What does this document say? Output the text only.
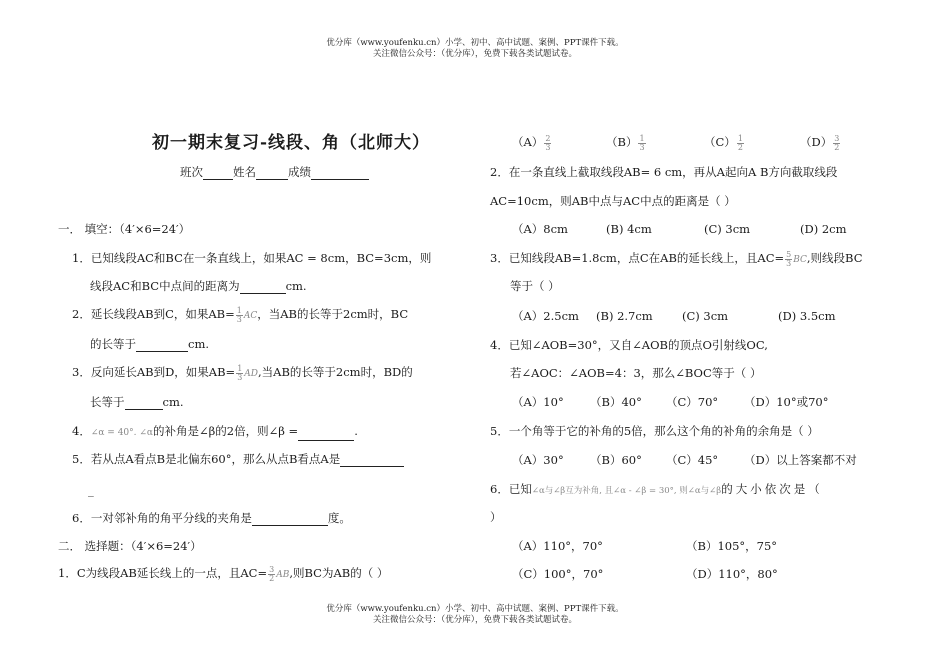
优分库（www.youfenku.cn）小学、初中、高中试题、案例、PPT课件下载。
关注微信公众号：（优分库），免费下载各类试题试卷。
初一期末复习-线段、角（北师大）
班次	姓名	成绩
一． 填空：（4′×6=24′）
1．已知线段AC和BC在一条直线上，如果AC = 8cm，BC=3cm，则
线段AC和BC中点间的距离为	cm.
2．延长线段AB到C，如果$AB= \frac{1}{3}$ AC，当AB的长等于2cm时，BC
的长等于	cm.
3．反向延长AB到D，如果$AB= \frac{1}{3}$ AD,当AB的长等于2cm时，BD的
长等于	cm.
4．∠α = 40°. ∠α的补角是∠β的2倍，则∠β =	.
5．若从点A看点B是北偏东60°，那么从点B看点A是
_
6．一对邻补角的角平分线的夹角是	度。
二． 选择题：（4′×6=24′）
1．C为线段AB延长线上的一点，且$AC= \frac{3}{2}$ AB,则BC为AB的（ ）
$(A) \frac{2}{3}$	$(B) \frac{1}{3}$	$(C) \frac{1}{2}$	$(D) \frac{3}{2}$
2．在一条直线上截取线段AB= 6 cm，再从A起向A B方向截取线段
AC=10cm，则AB中点与AC中点的距离是（ ）
（A）8cm	(B) 4cm	(C) 3cm	(D) 2cm
3．已知线段AB=1.8cm，点C在AB的延长线上，且$AC= \frac{5}{3}$ BC,则线段BC
等于（ ）
（A）2.5cm (B) 2.7cm	(C) 3cm	(D) 3.5cm
4．已知∠AOB=30°，又自∠AOB的顶点O引射线OC,
若∠AOC：∠AOB=4：3，那么∠BOC等于（ ）
（A）10° （B）40° （C）70° （D）10°或70°
5．一个角等于它的补角的5倍，那么这个角的补角的余角是（ ）
（A）30° （B）60° （C）45° （D）以上答案都不对
6．已知∠α与∠β互为补角, 且∠α - ∠β = 30°, 则∠α与∠β的大小依次是（
）
（A）110°，70°	（B）105°，75°
（C）100°，70°	（D）110°，80°
优分库（www.youfenku.cn）小学、初中、高中试题、案例、PPT课件下载。
关注微信公众号：（优分库），免费下载各类试题试卷。
